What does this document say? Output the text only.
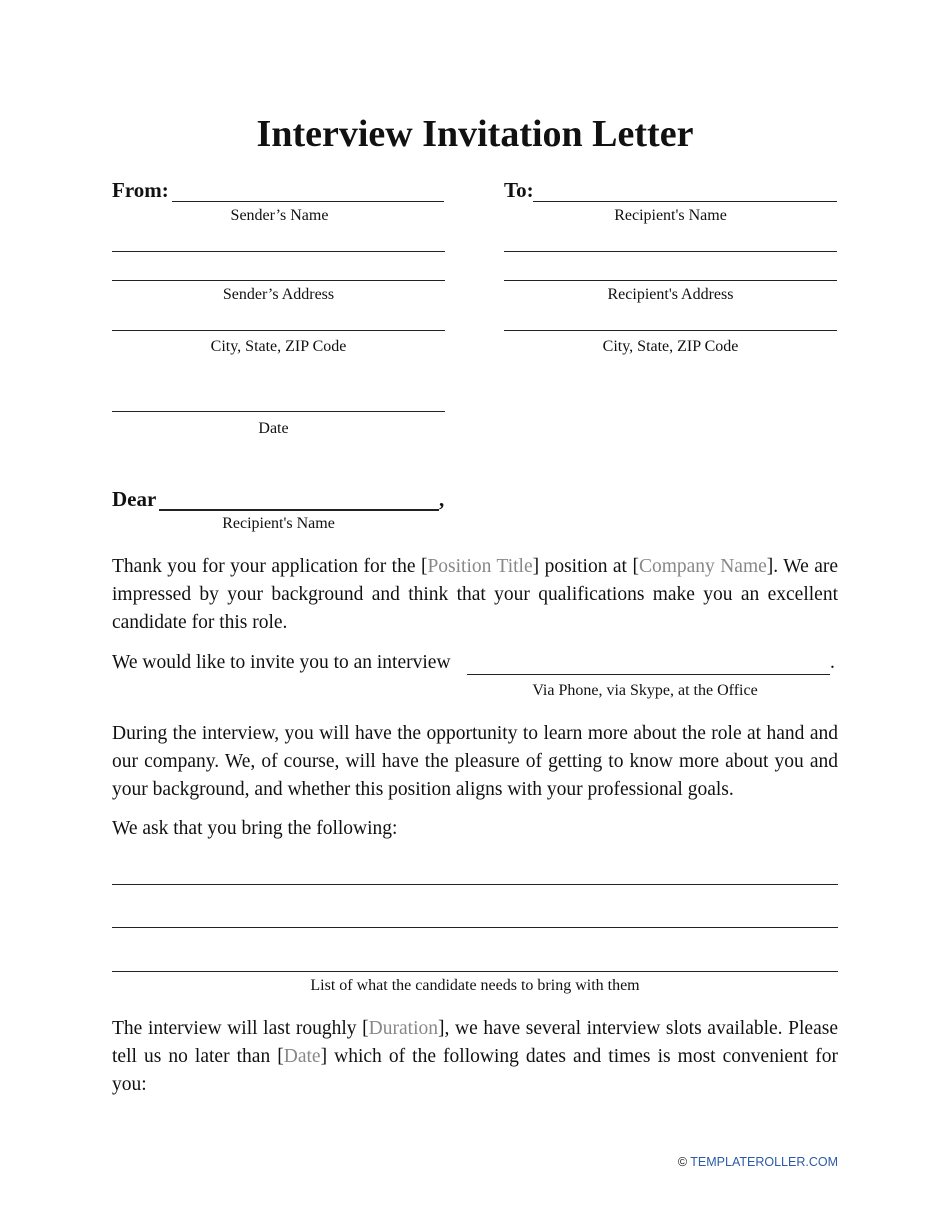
Interview Invitation Letter
From:
Sender’s Name
Sender’s Address
City, State, ZIP Code
Date
To:
Recipient's Name
Recipient's Address
City, State, ZIP Code
Dear	,
Recipient's Name
Thank you for your application for the [Position Title] position at [Company Name]. We are impressed by your background and think that your qualifications make you an excellent candidate for this role.
We would like to invite you to an interview	.
Via Phone, via Skype, at the Office
During the interview, you will have the opportunity to learn more about the role at hand and our company. We, of course, will have the pleasure of getting to know more about you and your background, and whether this position aligns with your professional goals.
We ask that you bring the following:
List of what the candidate needs to bring with them
The interview will last roughly [Duration], we have several interview slots available. Please tell us no later than [Date] which of the following dates and times is most convenient for you:
© TEMPLATEROLLER.COM
